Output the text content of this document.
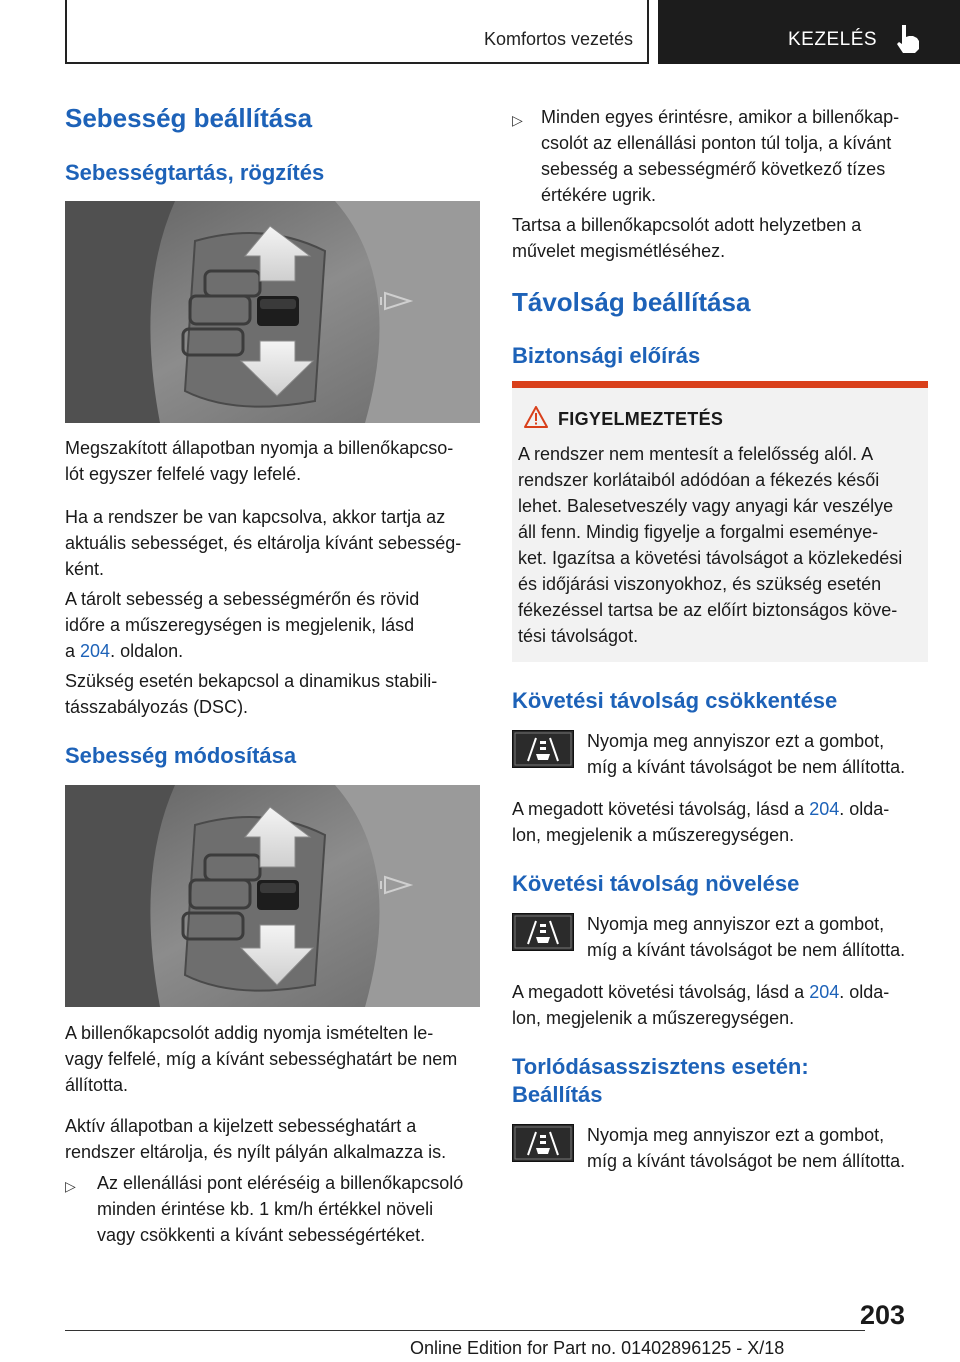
Komfortos vezetés	KEZELÉS
Sebesség beállítása
Sebességtartás, rögzítés

Megszakított állapotban nyomja a billenőkapcso-

lót egyszer felfelé vagy lefelé.

Ha a rendszer be van kapcsolva, akkor tartja az

aktuális sebességet, és eltárolja kívánt sebesség-

ként.

A tárolt sebesség a sebességmérőn és rövid

időre a műszeregységen is megjelenik, lásd

a 204. oldalon.

Szükség esetén bekapcsol a dinamikus stabili-

tásszabályozás (DSC).

Sebesség módosítása

A billenőkapcsolót addig nyomja ismételten le-

vagy felfelé, míg a kívánt sebességhatárt be nem

állította.

Aktív állapotban a kijelzett sebességhatárt a

rendszer eltárolja, és nyílt pályán alkalmazza is.

▷	Az ellenállási pont eléréséig a billenőkapcsoló
minden érintése kb. 1 km/h értékkel növeli
vagy csökkenti a kívánt sebességértéket.
▷	Minden egyes érintésre, amikor a billenőkap-
csolót az ellenállási ponton túl tolja, a kívánt
sebesség a sebességmérő következő tízes
értékére ugrik.

Tartsa a billenőkapcsolót adott helyzetben a

művelet megismétléséhez.

Távolság beállítása
Biztonsági előírás
FIGYELMEZTETÉS

A rendszer nem mentesít a felelősség alól. A

rendszer korlátaiból adódóan a fékezés késői

lehet. Balesetveszély vagy anyagi kár veszélye

áll fenn. Mindig figyelje a forgalmi eseménye-

ket. Igazítsa a követési távolságot a közlekedési

és időjárási viszonyokhoz, és szükség esetén

fékezéssel tartsa be az előírt biztonságos köve-

tési távolságot.

Követési távolság csökkentése

Nyomja meg annyiszor ezt a gombot,

míg a kívánt távolságot be nem állította.

A megadott követési távolság, lásd a 204. olda-

lon, megjelenik a műszeregységen.

Követési távolság növelése

Nyomja meg annyiszor ezt a gombot,

míg a kívánt távolságot be nem állította.

A megadott követési távolság, lásd a 204. olda-

lon, megjelenik a műszeregységen.

Torlódásasszisztens esetén:
Beállítás

Nyomja meg annyiszor ezt a gombot,

míg a kívánt távolságot be nem állította.

203
Online Edition for Part no. 01402896125 - X/18
